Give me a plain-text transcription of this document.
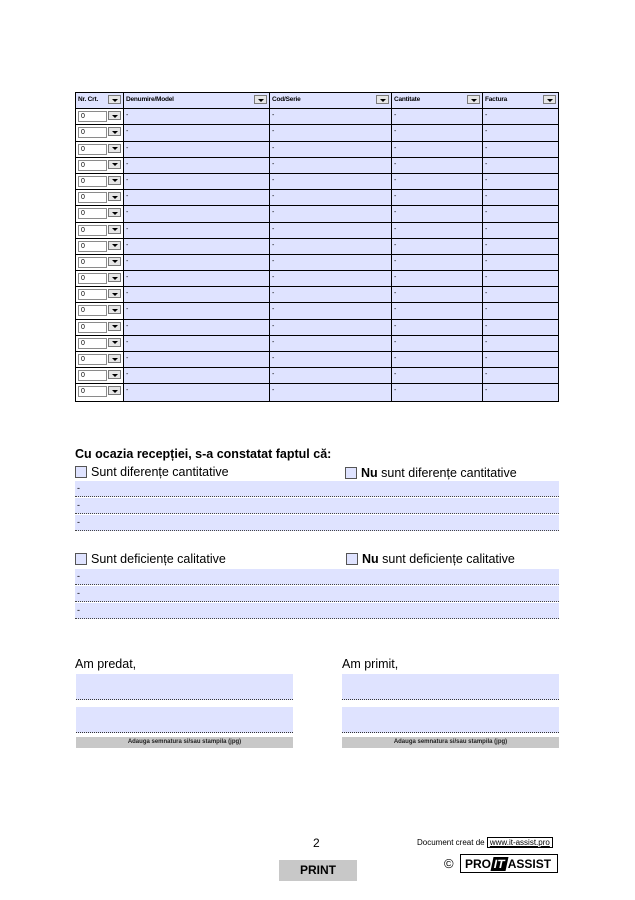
Nr. Crt.	Denumire/Model	Cod/Serie	Cantitate	Factura
0	-	-	-	-
0	-	-	-	-
0	-	-	-	-
0	-	-	-	-
0	-	-	-	-
0	-	-	-	-
0	-	-	-	-
0	-	-	-	-
0	-	-	-	-
0	-	-	-	-
0	-	-	-	-
0	-	-	-	-
0	-	-	-	-
0	-	-	-	-
0	-	-	-	-
0	-	-	-	-
0	-	-	-	-
0	-	-	-	-
Cu ocazia recepției, s-a constatat faptul că:
Sunt diferențe cantitative	Nu
sunt diferențe cantitative
-
-
-
Sunt deficiențe calitative	Nu
sunt deficiențe calitative
-
-
-
Am predat,	Am primit,
Adauga semnatura si/sau stampila (jpg)	Adauga semnatura si/sau stampila (jpg)
2	Document creat de www.it-assist.pro
PRINT	© PRO IT ASSIST
